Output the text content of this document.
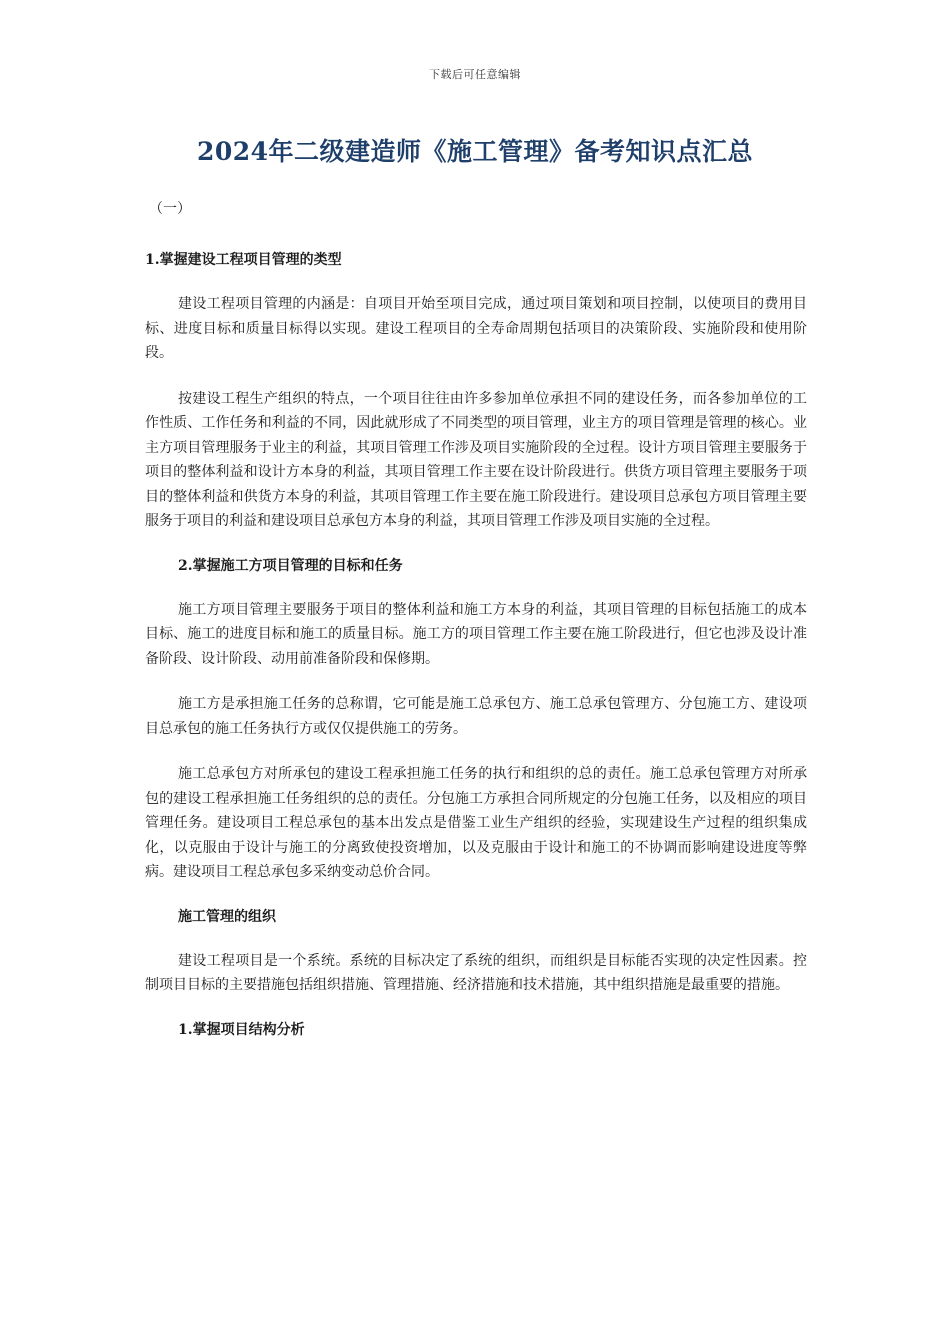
下载后可任意编辑
2024年二级建造师《施工管理》备考知识点汇总
（一）
1.掌握建设工程项目管理的类型

建设工程项目管理的内涵是：自项目开始至项目完成，通过项目策划和项目控制，以使项目的费用目标、进度目标和质量目标得以实现。建设工程项目的全寿命周期包括项目的决策阶段、实施阶段和使用阶段。

按建设工程生产组织的特点，一个项目往往由许多参加单位承担不同的建设任务，而各参加单位的工作性质、工作任务和利益的不同，因此就形成了不同类型的项目管理，业主方的项目管理是管理的核心。业主方项目管理服务于业主的利益，其项目管理工作涉及项目实施阶段的全过程。设计方项目管理主要服务于项目的整体利益和设计方本身的利益，其项目管理工作主要在设计阶段进行。供货方项目管理主要服务于项目的整体利益和供货方本身的利益，其项目管理工作主要在施工阶段进行。建设项目总承包方项目管理主要服务于项目的利益和建设项目总承包方本身的利益，其项目管理工作涉及项目实施的全过程。

2.掌握施工方项目管理的目标和任务

施工方项目管理主要服务于项目的整体利益和施工方本身的利益，其项目管理的目标包括施工的成本目标、施工的进度目标和施工的质量目标。施工方的项目管理工作主要在施工阶段进行，但它也涉及设计准备阶段、设计阶段、动用前准备阶段和保修期。

施工方是承担施工任务的总称谓，它可能是施工总承包方、施工总承包管理方、分包施工方、建设项目总承包的施工任务执行方或仅仅提供施工的劳务。

施工总承包方对所承包的建设工程承担施工任务的执行和组织的总的责任。施工总承包管理方对所承包的建设工程承担施工任务组织的总的责任。分包施工方承担合同所规定的分包施工任务，以及相应的项目管理任务。建设项目工程总承包的基本出发点是借鉴工业生产组织的经验，实现建设生产过程的组织集成化，以克服由于设计与施工的分离致使投资增加，以及克服由于设计和施工的不协调而影响建设进度等弊病。建设项目工程总承包多采纳变动总价合同。

施工管理的组织

建设工程项目是一个系统。系统的目标决定了系统的组织，而组织是目标能否实现的决定性因素。控制项目目标的主要措施包括组织措施、管理措施、经济措施和技术措施，其中组织措施是最重要的措施。

1.掌握项目结构分析
